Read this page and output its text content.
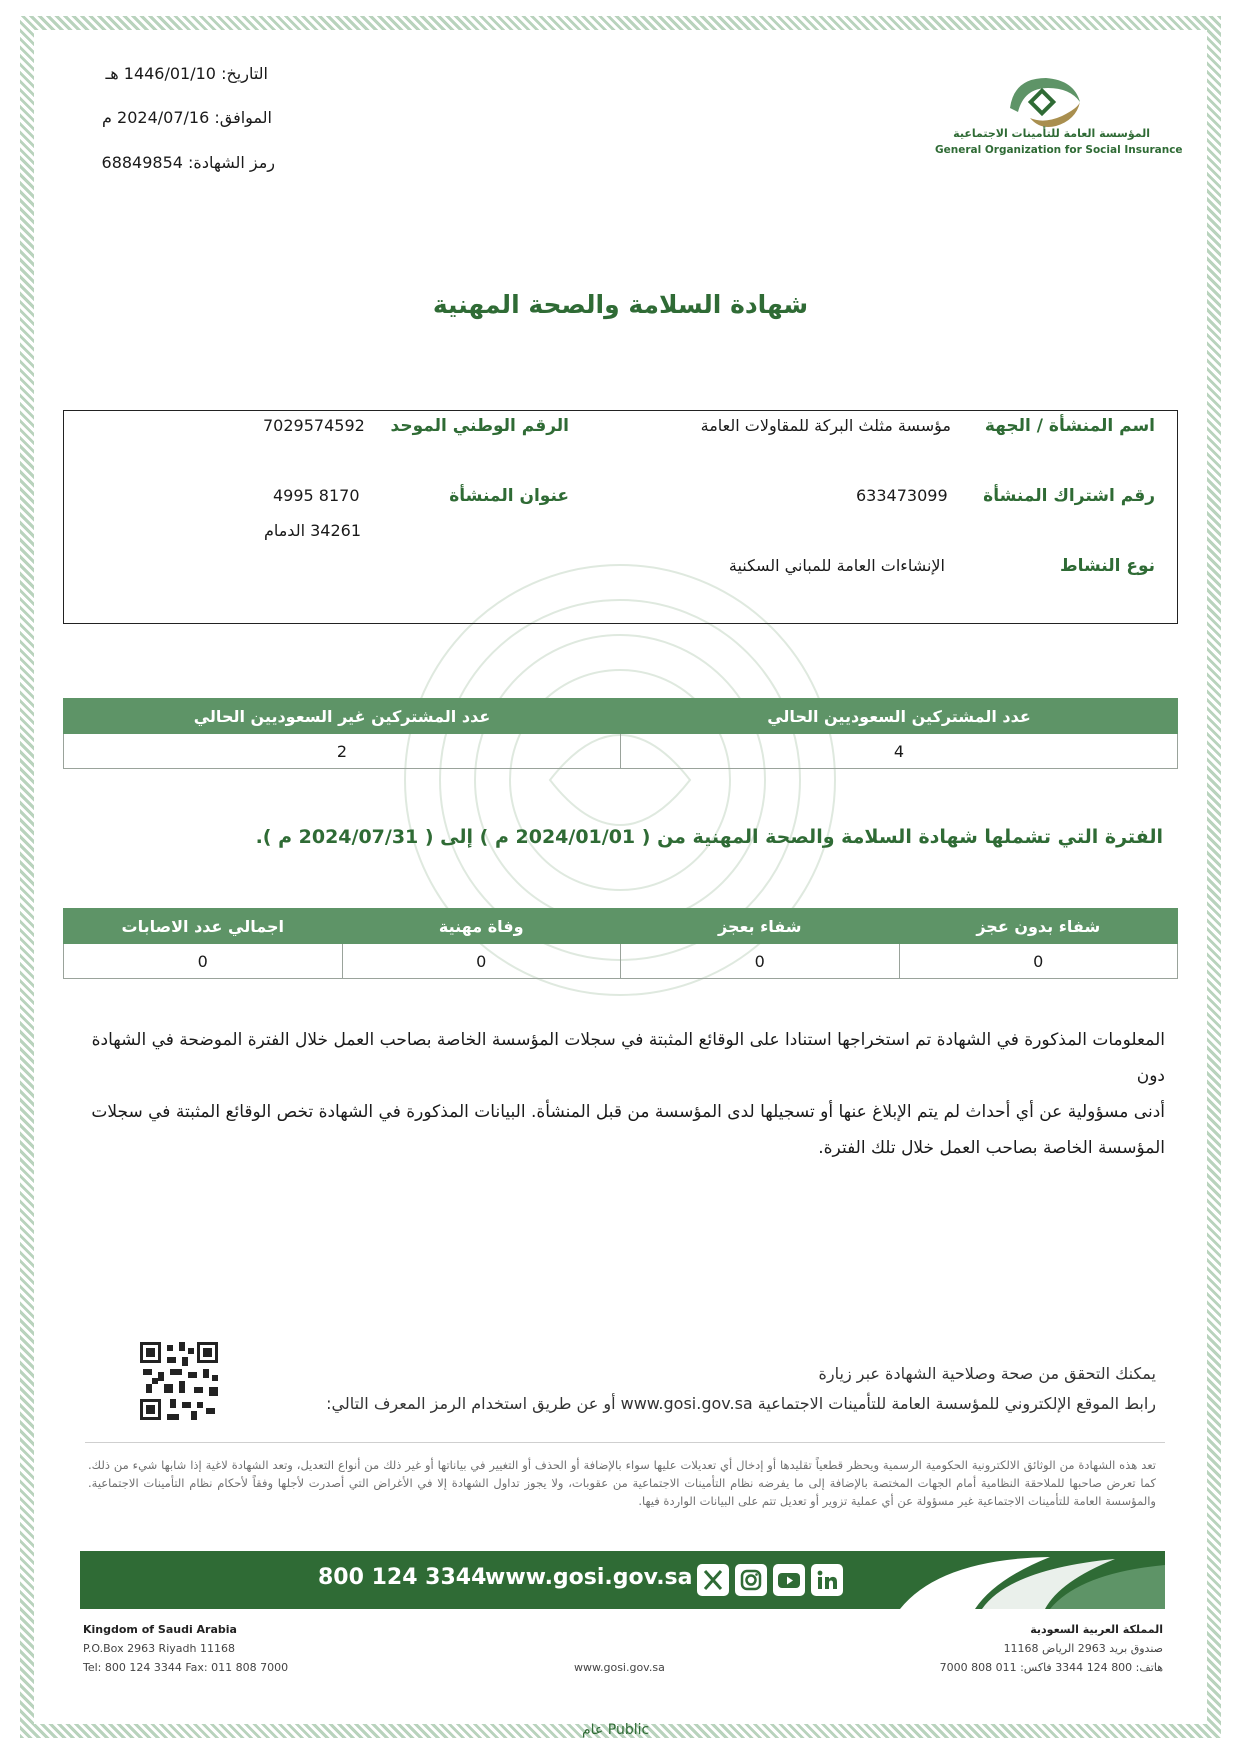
التاريخ: 1446/01/10 هـ
الموافق: 2024/07/16 م
رمز الشهادة: 68849854
المؤسسة العامة للتأمينات الاجتماعية
General Organization for Social Insurance
شهادة السلامة والصحة المهنية
اسم المنشأة / الجهة
مؤسسة مثلث البركة للمقاولات العامة
الرقم الوطني الموحد
7029574592
رقم اشتراك المنشأة
633473099
عنوان المنشأة
4995 8170
34261 الدمام
نوع النشاط
الإنشاءات العامة للمباني السكنية
عدد المشتركين السعوديين الحالي	عدد المشتركين غير السعوديين الحالي
4	2
الفترة التي تشملها شهادة السلامة والصحة المهنية من ( 2024/01/01 م ) إلى ( 2024/07/31 م ).
شفاء بدون عجز	شفاء بعجز	وفاة مهنية	اجمالي عدد الاصابات
0	0	0	0
المعلومات المذكورة في الشهادة تم استخراجها استنادا على الوقائع المثبتة في سجلات المؤسسة الخاصة بصاحب العمل خلال الفترة الموضحة في الشهادة دون
أدنى مسؤولية عن أي أحداث لم يتم الإبلاغ عنها أو تسجيلها لدى المؤسسة من قبل المنشأة. البيانات المذكورة في الشهادة تخص الوقائع المثبتة في سجلات المؤسسة الخاصة بصاحب العمل خلال تلك الفترة.
يمكنك التحقق من صحة وصلاحية الشهادة عبر زيارة
رابط الموقع الإلكتروني للمؤسسة العامة للتأمينات الاجتماعية www.gosi.gov.sa أو عن طريق استخدام الرمز المعرف التالي:
تعد هذه الشهادة من الوثائق الالكترونية الحكومية الرسمية ويحظر قطعياً تقليدها أو إدخال أي تعديلات عليها سواء بالإضافة أو الحذف أو التغيير في بياناتها أو غير ذلك من أنواع التعديل، وتعد الشهادة لاغية إذا شابها شيء من ذلك. كما تعرض صاحبها للملاحقة النظامية أمام الجهات المختصة بالإضافة إلى ما يفرضه نظام التأمينات الاجتماعية من عقوبات، ولا يجوز تداول الشهادة إلا في الأغراض التي أصدرت لأجلها وفقاً لأحكام نظام التأمينات الاجتماعية. والمؤسسة العامة للتأمينات الاجتماعية غير مسؤولة عن أي عملية تزوير أو تعديل تتم على البيانات الواردة فيها.
800 124 3344
www.gosi.gov.sa
Kingdom of Saudi Arabia
P.O.Box 2963 Riyadh 11168
Tel: 800 124 3344 Fax: 011 808 7000	www.gosi.gov.sa
المملكة العربية السعودية
صندوق بريد 2963 الرياض 11168
هاتف: 800 124 3344 فاكس: 011 808 7000
عام Public
